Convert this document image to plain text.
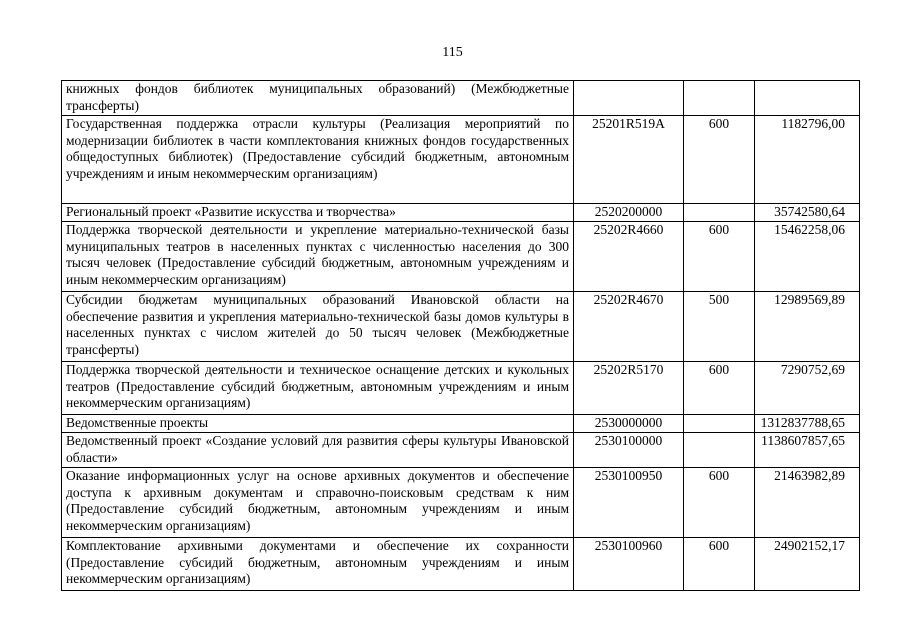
115
книжных фондов библиотек муниципальных образований) (Межбюджетные трансферты)			
Государственная поддержка отрасли культуры (Реализация мероприятий по модернизации библиотек в части комплектования книжных фондов государственных общедоступных библиотек) (Предоставление субсидий бюджетным, автономным учреждениям и иным некоммерческим организациям)	25201R519A	600	1182796,00
Региональный проект «Развитие искусства и творчества»	2520200000		35742580,64
Поддержка творческой деятельности и укрепление материально-технической базы муниципальных театров в населенных пунктах с численностью населения до 300 тысяч человек (Предоставление субсидий бюджетным, автономным учреждениям и иным некоммерческим организациям)	25202R4660	600	15462258,06
Субсидии бюджетам муниципальных образований Ивановской области на обеспечение развития и укрепления материально-технической базы домов культуры в населенных пунктах с числом жителей до 50 тысяч человек (Межбюджетные трансферты)	25202R4670	500	12989569,89
Поддержка творческой деятельности и техническое оснащение детских и кукольных театров (Предоставление субсидий бюджетным, автономным учреждениям и иным некоммерческим организациям)	25202R5170	600	7290752,69
Ведомственные проекты	2530000000		1312837788,65
Ведомственный проект «Создание условий для развития сферы культуры Ивановской области»	2530100000		1138607857,65
Оказание информационных услуг на основе архивных документов и обеспечение доступа к архивным документам и справочно-поисковым средствам к ним (Предоставление субсидий бюджетным, автономным учреждениям и иным некоммерческим организациям)	2530100950	600	21463982,89
Комплектование архивными документами и обеспечение их сохранности (Предоставление субсидий бюджетным, автономным учреждениям и иным некоммерческим организациям)	2530100960	600	24902152,17
